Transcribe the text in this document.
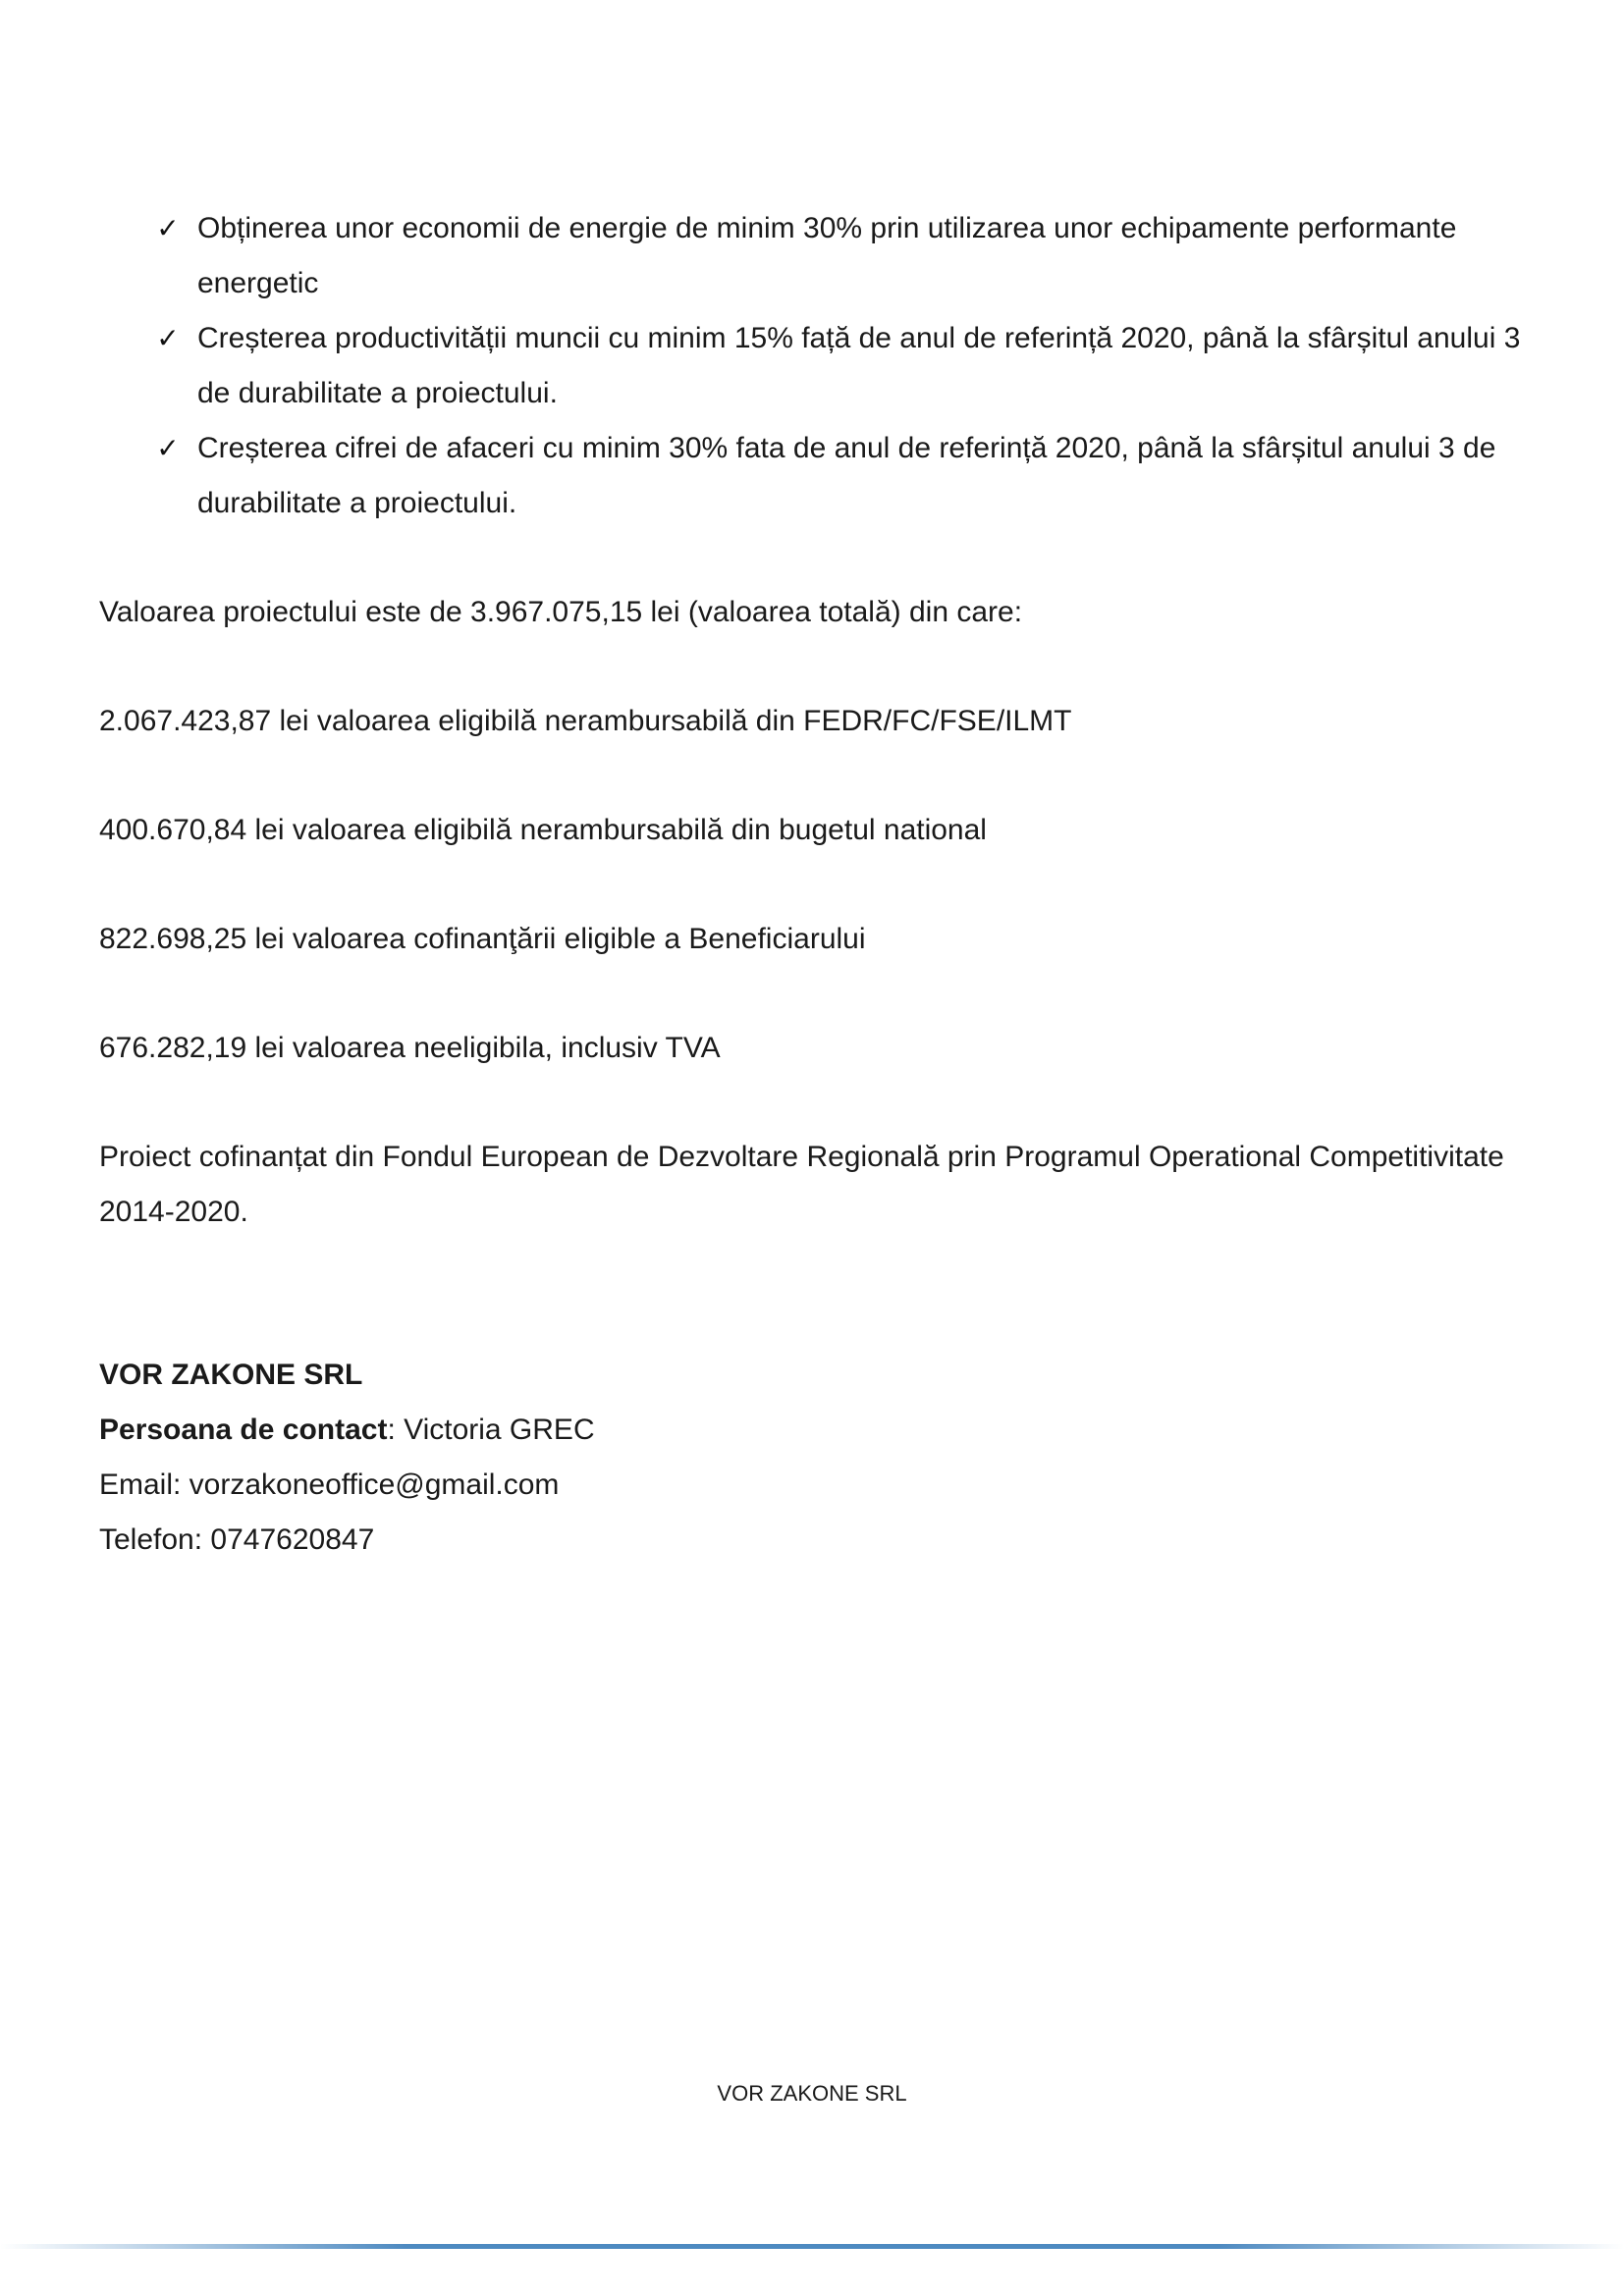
✓ Obținerea unor economii de energie de minim 30% prin utilizarea unor echipamente performante energetic
✓ Creșterea productivității muncii cu minim 15% față de anul de referință 2020, până la sfârșitul anului 3 de durabilitate a proiectului.
✓ Creșterea cifrei de afaceri cu minim 30% fata de anul de referință 2020, până la sfârșitul anului 3 de durabilitate a proiectului.

Valoarea proiectului este de 3.967.075,15 lei (valoarea totală) din care:

2.067.423,87 lei valoarea eligibilă nerambursabilă din FEDR/FC/FSE/ILMT

400.670,84 lei valoarea eligibilă nerambursabilă din bugetul national

822.698,25 lei valoarea cofinanţării eligible a Beneficiarului

676.282,19 lei valoarea neeligibila, inclusiv TVA

Proiect cofinanțat din Fondul European de Dezvoltare Regională prin Programul Operational Competitivitate 2014-2020.

VOR ZAKONE SRL

Persoana de contact: Victoria GREC

Email: vorzakoneoffice@gmail.com

Telefon: 0747620847

VOR ZAKONE SRL
